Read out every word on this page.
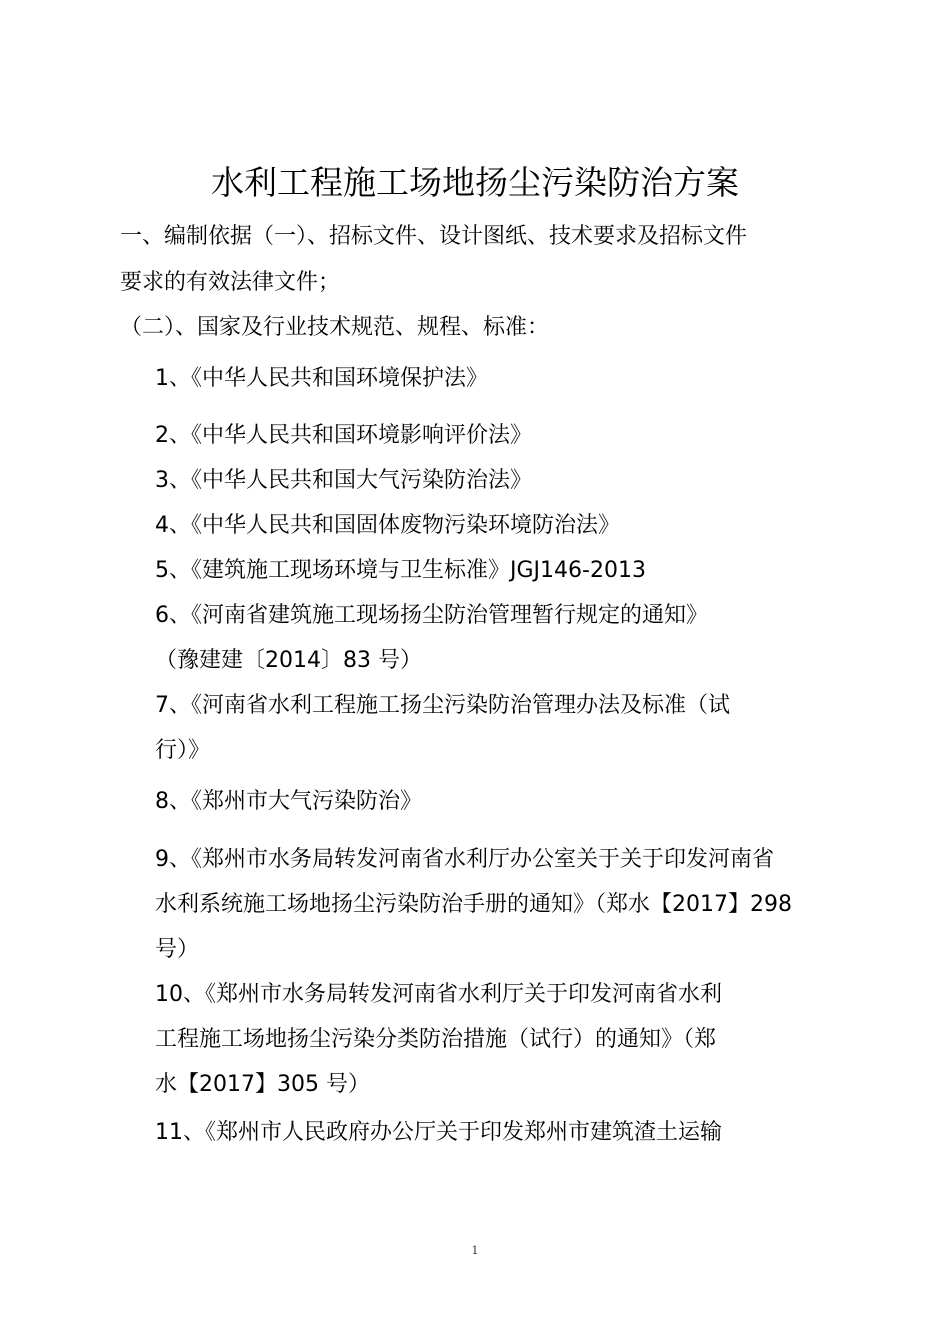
水利工程施工场地扬尘污染防治方案
一、编制依据（一）、招标文件、设计图纸、技术要求及招标文件
要求的有效法律文件；
（二）、国家及行业技术规范、规程、标准：
1、《中华人民共和国环境保护法》
2、《中华人民共和国环境影响评价法》
3、《中华人民共和国大气污染防治法》
4、《中华人民共和国固体废物污染环境防治法》
5、《建筑施工现场环境与卫生标准》JGJ146-2013
6、《河南省建筑施工现场扬尘防治管理暂行规定的通知》
（豫建建〔2014〕83 号）
7、《河南省水利工程施工扬尘污染防治管理办法及标准（试
行）》
8、《郑州市大气污染防治》
9、《郑州市水务局转发河南省水利厅办公室关于关于印发河南省
水利系统施工场地扬尘污染防治手册的通知》（郑水【2017】298
号）
10、《郑州市水务局转发河南省水利厅关于印发河南省水利
工程施工场地扬尘污染分类防治措施（试行）的通知》（郑
水【2017】305 号）
11、《郑州市人民政府办公厅关于印发郑州市建筑渣土运输
1
